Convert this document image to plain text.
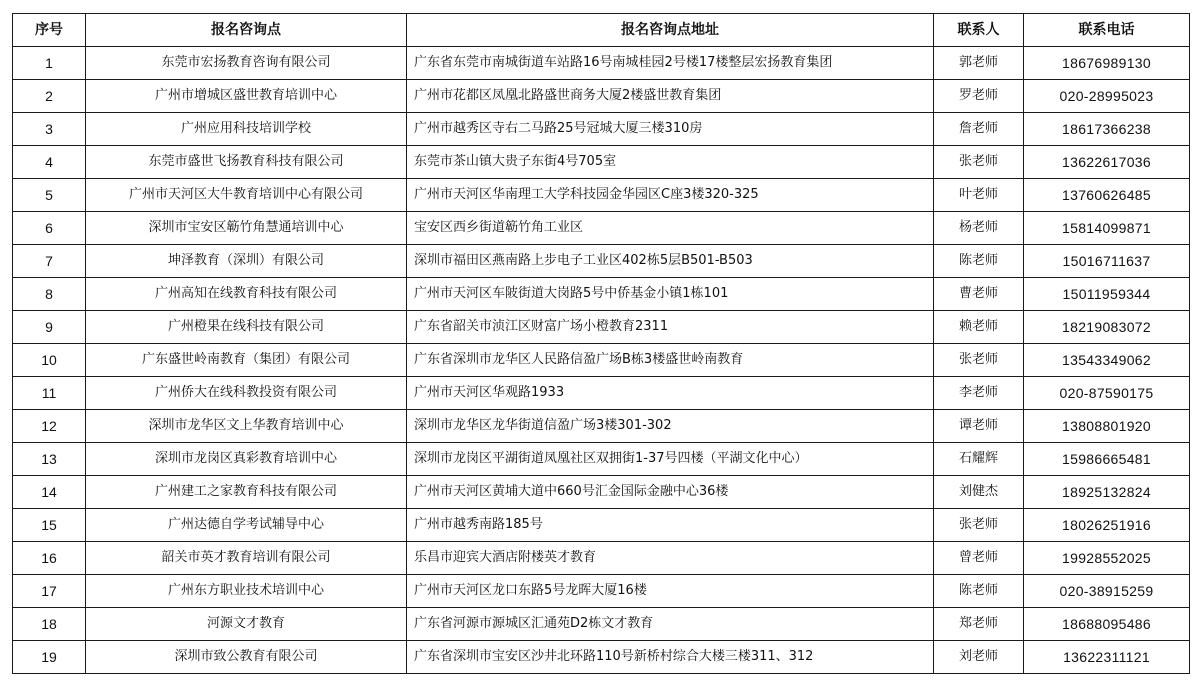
序号	报名咨询点	报名咨询点地址	联系人	联系电话
1	东莞市宏扬教育咨询有限公司	广东省东莞市南城街道车站路16号南城桂园2号楼17楼整层宏扬教育集团	郭老师	18676989130
2	广州市增城区盛世教育培训中心	广州市花都区凤凰北路盛世商务大厦2楼盛世教育集团	罗老师	020-28995023
3	广州应用科技培训学校	广州市越秀区寺右二马路25号冠城大厦三楼310房	詹老师	18617366238
4	东莞市盛世飞扬教育科技有限公司	东莞市茶山镇大贵子东街4号705室	张老师	13622617036
5	广州市天河区大牛教育培训中心有限公司	广州市天河区华南理工大学科技园金华园区C座3楼320-325	叶老师	13760626485
6	深圳市宝安区簕竹角慧通培训中心	宝安区西乡街道簕竹角工业区	杨老师	15814099871
7	坤泽教育（深圳）有限公司	深圳市福田区燕南路上步电子工业区402栋5层B501-B503	陈老师	15016711637
8	广州高知在线教育科技有限公司	广州市天河区车陂街道大岗路5号中侨基金小镇1栋101	曹老师	15011959344
9	广州橙果在线科技有限公司	广东省韶关市浈江区财富广场小橙教育2311	赖老师	18219083072
10	广东盛世岭南教育（集团）有限公司	广东省深圳市龙华区人民路信盈广场B栋3楼盛世岭南教育	张老师	13543349062
11	广州侨大在线科教投资有限公司	广州市天河区华观路1933	李老师	020-87590175
12	深圳市龙华区文上华教育培训中心	深圳市龙华区龙华街道信盈广场3楼301-302	谭老师	13808801920
13	深圳市龙岗区真彩教育培训中心	深圳市龙岗区平湖街道凤凰社区双拥街1-37号四楼（平湖文化中心）	石耀辉	15986665481
14	广州建工之家教育科技有限公司	广州市天河区黄埔大道中660号汇金国际金融中心36楼	刘健杰	18925132824
15	广州达德自学考试辅导中心	广州市越秀南路185号	张老师	18026251916
16	韶关市英才教育培训有限公司	乐昌市迎宾大酒店附楼英才教育	曾老师	19928552025
17	广州东方职业技术培训中心	广州市天河区龙口东路5号龙晖大厦16楼	陈老师	020-38915259
18	河源文才教育	广东省河源市源城区汇通苑D2栋文才教育	郑老师	18688095486
19	深圳市致公教育有限公司	广东省深圳市宝安区沙井北环路110号新桥村综合大楼三楼311、312	刘老师	13622311121
